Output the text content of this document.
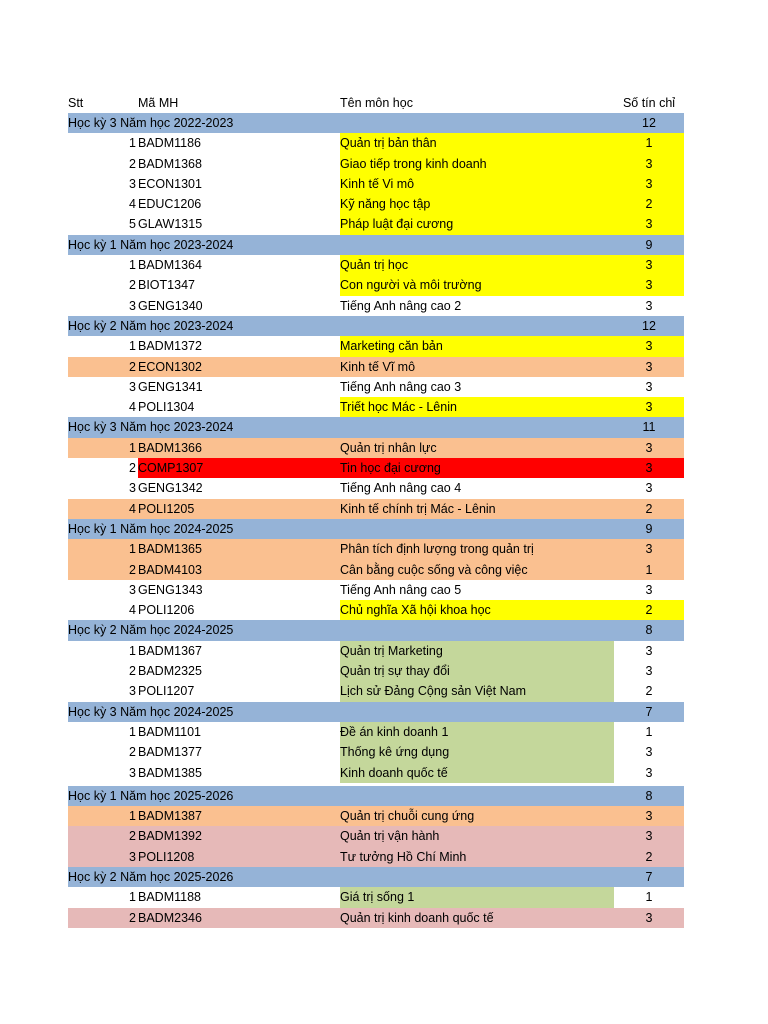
Stt	Mã MH	Tên môn học	Số tín chỉ
Học kỳ 3 Năm học 2022-2023	12
1 BADM1186	Quản trị bản thân	1
2 BADM1368	Giao tiếp trong kinh doanh	3
3 ECON1301	Kinh tế Vi mô	3
4 EDUC1206	Kỹ năng học tập	2
5 GLAW1315	Pháp luật đại cương	3
Học kỳ 1 Năm học 2023-2024	9
1 BADM1364	Quản trị học	3
2 BIOT1347	Con người và môi trường	3
3 GENG1340	Tiếng Anh nâng cao 2	3
Học kỳ 2 Năm học 2023-2024	12
1 BADM1372	Marketing căn bản	3
2 ECON1302	Kinh tế Vĩ mô	3
3 GENG1341	Tiếng Anh nâng cao 3	3
4 POLI1304	Triết học Mác - Lênin	3
Học kỳ 3 Năm học 2023-2024	11
1 BADM1366	Quản trị nhân lực	3
2 COMP1307	Tin học đại cương	3
3 GENG1342	Tiếng Anh nâng cao 4	3
4 POLI1205	Kinh tế chính trị Mác - Lênin	2
Học kỳ 1 Năm học 2024-2025	9
1 BADM1365	Phân tích định lượng trong quản trị	3
2 BADM4103	Cân bằng cuộc sống và công việc	1
3 GENG1343	Tiếng Anh nâng cao 5	3
4 POLI1206	Chủ nghĩa Xã hội khoa học	2
Học kỳ 2 Năm học 2024-2025	8
1 BADM1367	Quản trị Marketing	3
2 BADM2325	Quản trị sự thay đổi	3
3 POLI1207	Lịch sử Đảng Cộng sản Việt Nam	2
Học kỳ 3 Năm học 2024-2025	7
1 BADM1101	Đề án kinh doanh 1	1
2 BADM1377	Thống kê ứng dụng	3
3 BADM1385	Kinh doanh quốc tế	3
Học kỳ 1 Năm học 2025-2026	8
1 BADM1387	Quản trị chuỗi cung ứng	3
2 BADM1392	Quản trị vận hành	3
3 POLI1208	Tư tưởng Hồ Chí Minh	2
Học kỳ 2 Năm học 2025-2026	7
1 BADM1188	Giá trị sống 1	1
2 BADM2346	Quản trị kinh doanh quốc tế	3
